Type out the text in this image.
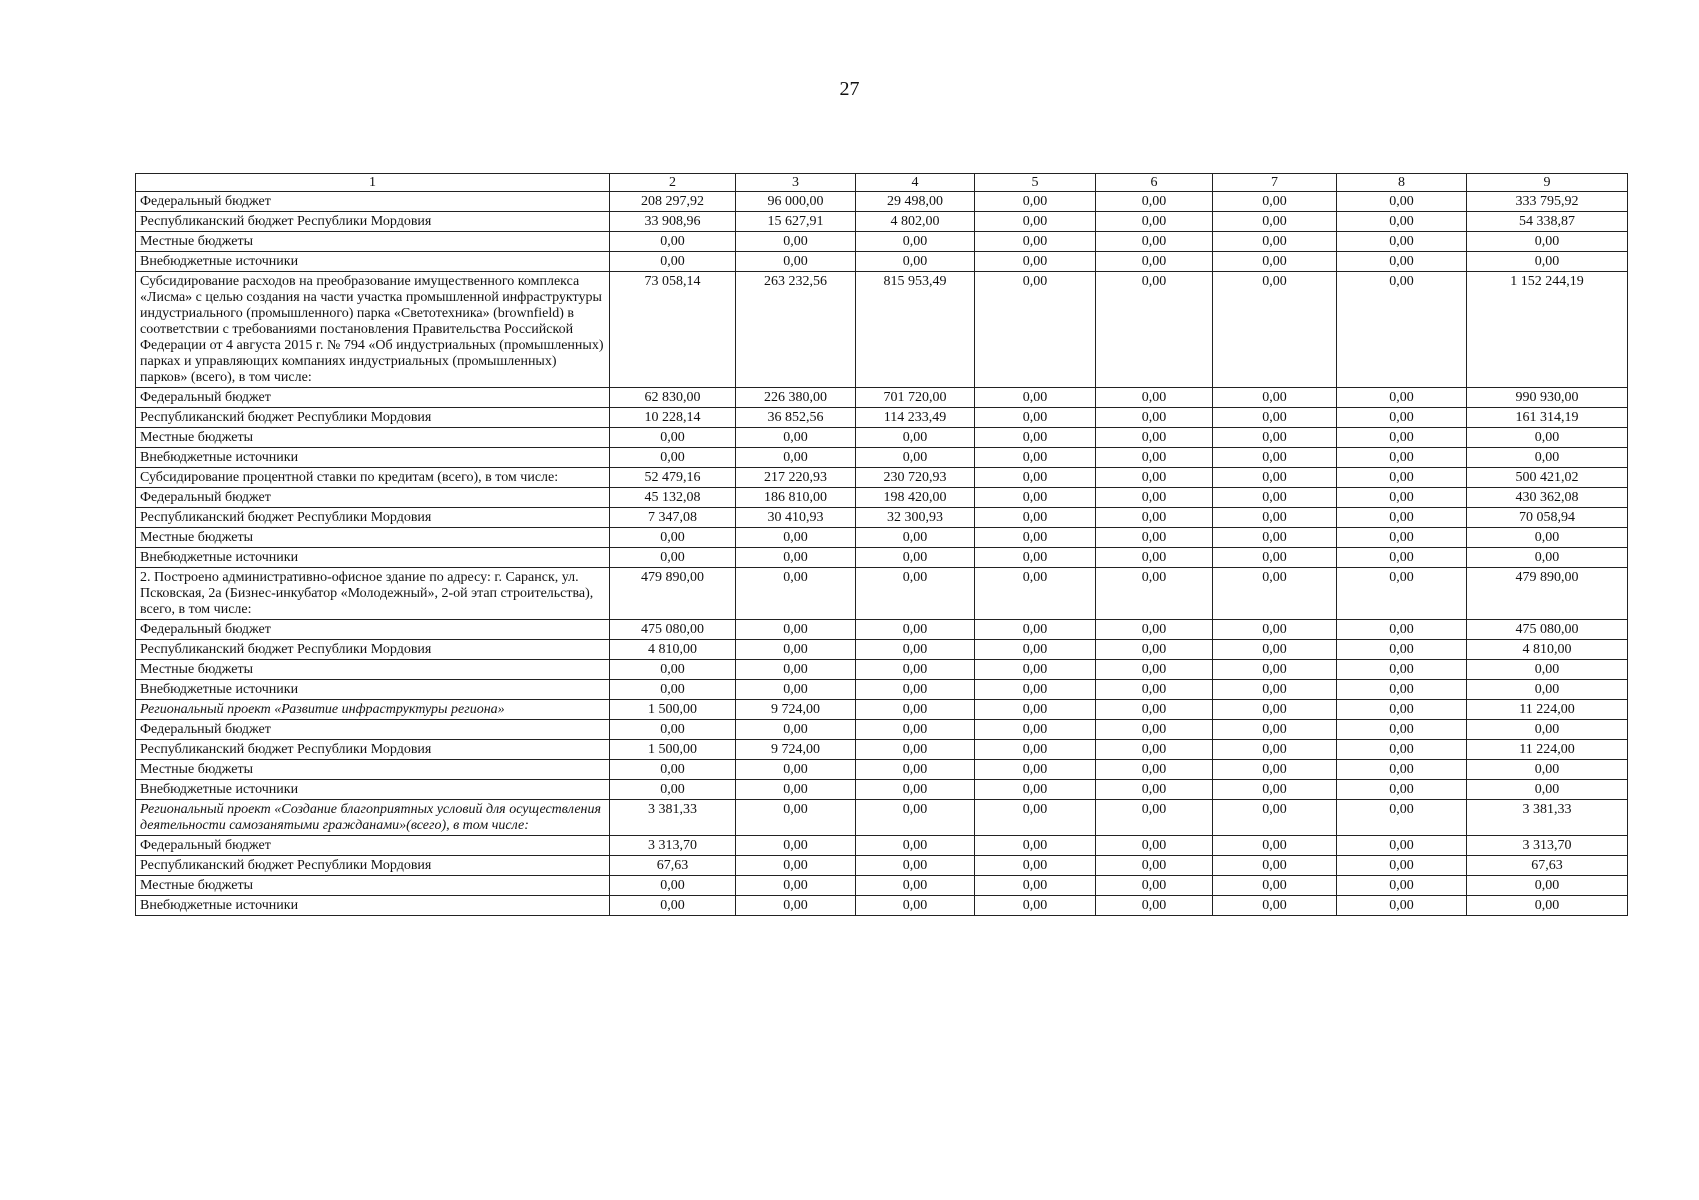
27
1	2	3	4	5	6	7	8	9
Федеральный бюджет	208 297,92	96 000,00	29 498,00	0,00	0,00	0,00	0,00	333 795,92
Республиканский бюджет Республики Мордовия	33 908,96	15 627,91	4 802,00	0,00	0,00	0,00	0,00	54 338,87
Местные бюджеты	0,00	0,00	0,00	0,00	0,00	0,00	0,00	0,00
Внебюджетные источники	0,00	0,00	0,00	0,00	0,00	0,00	0,00	0,00
Субсидирование расходов на преобразование имущественного комплекса «Лисма» с целью создания на части участка промышленной инфраструктуры индустриального (промышленного) парка «Светотехника» (brownfield) в соответствии с требованиями постановления Правительства Российской Федерации от 4 августа 2015 г. № 794 «Об индустриальных (промышленных) парках и управляющих компаниях индустриальных (промышленных) парков» (всего), в том числе:	73 058,14	263 232,56	815 953,49	0,00	0,00	0,00	0,00	1 152 244,19
Федеральный бюджет	62 830,00	226 380,00	701 720,00	0,00	0,00	0,00	0,00	990 930,00
Республиканский бюджет Республики Мордовия	10 228,14	36 852,56	114 233,49	0,00	0,00	0,00	0,00	161 314,19
Местные бюджеты	0,00	0,00	0,00	0,00	0,00	0,00	0,00	0,00
Внебюджетные источники	0,00	0,00	0,00	0,00	0,00	0,00	0,00	0,00
Субсидирование процентной ставки по кредитам (всего), в том числе:	52 479,16	217 220,93	230 720,93	0,00	0,00	0,00	0,00	500 421,02
Федеральный бюджет	45 132,08	186 810,00	198 420,00	0,00	0,00	0,00	0,00	430 362,08
Республиканский бюджет Республики Мордовия	7 347,08	30 410,93	32 300,93	0,00	0,00	0,00	0,00	70 058,94
Местные бюджеты	0,00	0,00	0,00	0,00	0,00	0,00	0,00	0,00
Внебюджетные источники	0,00	0,00	0,00	0,00	0,00	0,00	0,00	0,00
2. Построено административно-офисное здание по адресу: г. Саранск, ул. Псковская, 2а (Бизнес-инкубатор «Молодежный», 2-ой этап строительства), всего, в том числе:	479 890,00	0,00	0,00	0,00	0,00	0,00	0,00	479 890,00
Федеральный бюджет	475 080,00	0,00	0,00	0,00	0,00	0,00	0,00	475 080,00
Республиканский бюджет Республики Мордовия	4 810,00	0,00	0,00	0,00	0,00	0,00	0,00	4 810,00
Местные бюджеты	0,00	0,00	0,00	0,00	0,00	0,00	0,00	0,00
Внебюджетные источники	0,00	0,00	0,00	0,00	0,00	0,00	0,00	0,00
Региональный проект «Развитие инфраструктуры региона»	1 500,00	9 724,00	0,00	0,00	0,00	0,00	0,00	11 224,00
Федеральный бюджет	0,00	0,00	0,00	0,00	0,00	0,00	0,00	0,00
Республиканский бюджет Республики Мордовия	1 500,00	9 724,00	0,00	0,00	0,00	0,00	0,00	11 224,00
Местные бюджеты	0,00	0,00	0,00	0,00	0,00	0,00	0,00	0,00
Внебюджетные источники	0,00	0,00	0,00	0,00	0,00	0,00	0,00	0,00
Региональный проект «Создание благоприятных условий для осуществления деятельности самозанятыми гражданами»(всего), в том числе:	3 381,33	0,00	0,00	0,00	0,00	0,00	0,00	3 381,33
Федеральный бюджет	3 313,70	0,00	0,00	0,00	0,00	0,00	0,00	3 313,70
Республиканский бюджет Республики Мордовия	67,63	0,00	0,00	0,00	0,00	0,00	0,00	67,63
Местные бюджеты	0,00	0,00	0,00	0,00	0,00	0,00	0,00	0,00
Внебюджетные источники	0,00	0,00	0,00	0,00	0,00	0,00	0,00	0,00
